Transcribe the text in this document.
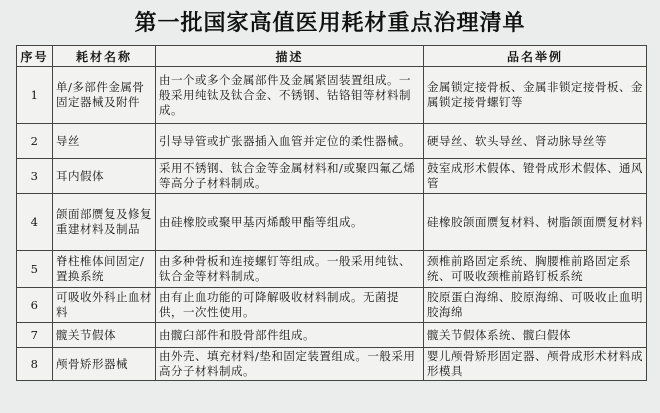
第一批国家高值医用耗材重点治理清单
序号	耗材名称	描述	品名举例
1	单/多部件金属骨固定器械及附件	由一个或多个金属部件及金属紧固装置组成。一般采用纯钛及钛合金、不锈钢、钴铬钼等材料制成。	金属锁定接骨板、金属非锁定接骨板、金属锁定接骨螺钉等
2	导丝	引导导管或扩张器插入血管并定位的柔性器械。	硬导丝、软头导丝、肾动脉导丝等
3	耳内假体	采用不锈钢、钛合金等金属材料和/或聚四氟乙烯等高分子材料制成。	鼓室成形术假体、镫骨成形术假体、通风管
4	颌面部赝复及修复重建材料及制品	由硅橡胶或聚甲基丙烯酸甲酯等组成。	硅橡胶颌面赝复材料、树脂颌面赝复材料
5	脊柱椎体间固定/置换系统	由多种骨板和连接螺钉等组成。一般采用纯钛、钛合金等材料制成。	颈椎前路固定系统、胸腰椎前路固定系统、可吸收颈椎前路钉板系统
6	可吸收外科止血材料	由有止血功能的可降解吸收材料制成。无菌提供，一次性使用。	胶原蛋白海绵、胶原海绵、可吸收止血明胶海绵
7	髋关节假体	由髋臼部件和股骨部件组成。	髋关节假体系统、髋臼假体
8	颅骨矫形器械	由外壳、填充材料/垫和固定装置组成。一般采用高分子材料制成。	婴儿颅骨矫形固定器、颅骨成形术材料成形模具
